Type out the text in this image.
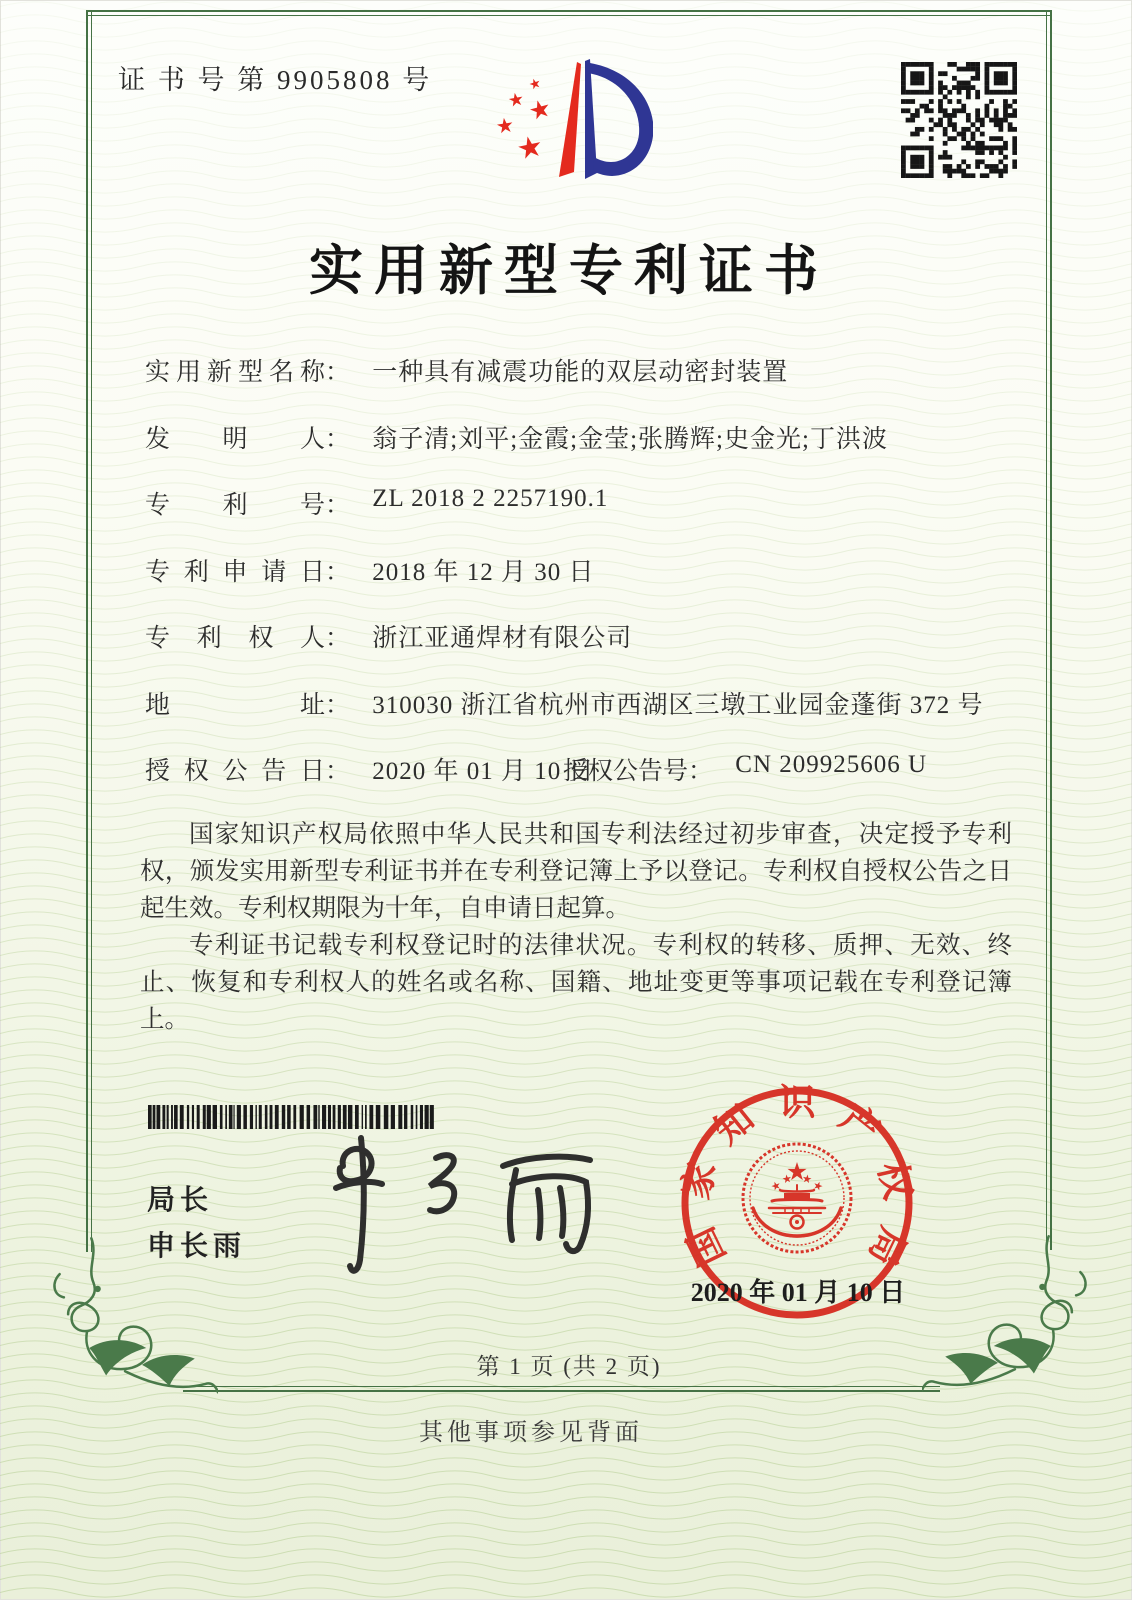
证 书 号 第 9905808 号
实用新型专利证书
实用新型名称： 一种具有减震功能的双层动密封装置
发明人： 翁子清;刘平;金霞;金莹;张腾辉;史金光;丁洪波
专利号： ZL 2018 2 2257190.1
专利申请日： 2018 年 12 月 30 日
专利权人： 浙江亚通焊材有限公司
地址： 310030 浙江省杭州市西湖区三墩工业园金蓬街 372 号
授权公告日： 2020 年 01 月 10 日
授权公告号： CN 209925606 U

国家知识产权局依照中华人民共和国专利法经过初步审查，决定授予专利权，颁发实用新型专利证书并在专利登记簿上予以登记。专利权自授权公告之日起生效。专利权期限为十年，自申请日起算。

专利证书记载专利权登记时的法律状况。专利权的转移、质押、无效、终止、恢复和专利权人的姓名或名称、国籍、地址变更等事项记载在专利登记簿上。

局长
申长雨	国家知识产权局
2020 年 01 月 10 日
第 1 页 (共 2 页)
其他事项参见背面
